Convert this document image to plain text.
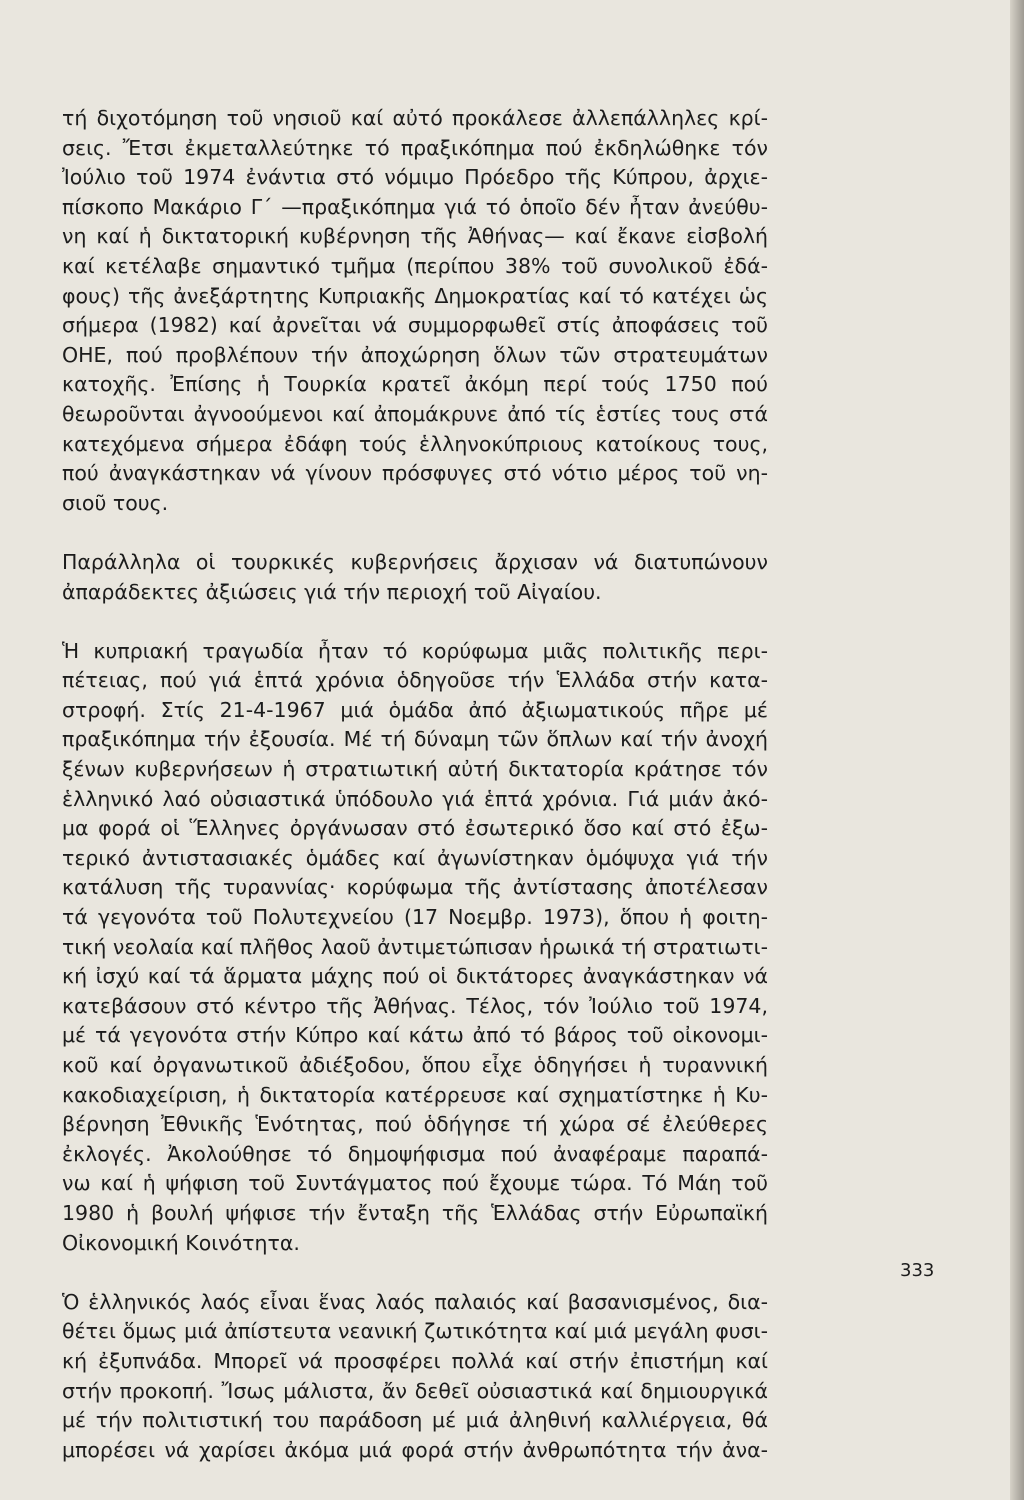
τή διχοτόμηση τοῦ νησιοῦ καί αὐτό προκάλεσε ἀλλεπάλληλες κρί-
σεις. Ἔτσι ἐκμεταλλεύτηκε τό πραξικόπημα πού ἐκδηλώθηκε τόν
Ἰούλιο τοῦ 1974 ἐνάντια στό νόμιμο Πρόεδρο τῆς Κύπρου, ἀρχιε-
πίσκοπο Μακάριο Γ΄ —πραξικόπημα γιά τό ὁποῖο δέν ἦταν ἀνεύθυ-
νη καί ἡ δικτατορική κυβέρνηση τῆς Ἀθήνας— καί ἔκανε εἰσβολή
καί κετέλαβε σημαντικό τμῆμα (περίπου 38% τοῦ συνολικοῦ ἐδά-
φους) τῆς ἀνεξάρτητης Κυπριακῆς Δημοκρατίας καί τό κατέχει ὡς
σήμερα (1982) καί ἀρνεῖται νά συμμορφωθεῖ στίς ἀποφάσεις τοῦ
ΟΗΕ, πού προβλέπουν τήν ἀποχώρηση ὅλων τῶν στρατευμάτων
κατοχῆς. Ἐπίσης ἡ Τουρκία κρατεῖ ἀκόμη περί τούς 1750 πού
θεωροῦνται ἀγνοούμενοι καί ἀπομάκρυνε ἀπό τίς ἑστίες τους στά
κατεχόμενα σήμερα ἐδάφη τούς ἑλληνοκύπριους κατοίκους τους,
πού ἀναγκάστηκαν νά γίνουν πρόσφυγες στό νότιο μέρος τοῦ νη-
σιοῦ τους.
Παράλληλα οἱ τουρκικές κυβερνήσεις ἄρχισαν νά διατυπώνουν
ἀπαράδεκτες ἀξιώσεις γιά τήν περιοχή τοῦ Αἰγαίου.
Ἡ κυπριακή τραγωδία ἦταν τό κορύφωμα μιᾶς πολιτικῆς περι-
πέτειας, πού γιά ἑπτά χρόνια ὁδηγοῦσε τήν Ἑλλάδα στήν κατα-
στροφή. Στίς 21-4-1967 μιά ὁμάδα ἀπό ἀξιωματικούς πῆρε μέ
πραξικόπημα τήν ἐξουσία. Μέ τή δύναμη τῶν ὅπλων καί τήν ἀνοχή
ξένων κυβερνήσεων ἡ στρατιωτική αὐτή δικτατορία κράτησε τόν
ἑλληνικό λαό οὐσιαστικά ὑπόδουλο γιά ἑπτά χρόνια. Γιά μιάν ἀκό-
μα φορά οἱ Ἕλληνες ὀργάνωσαν στό ἐσωτερικό ὅσο καί στό ἐξω-
τερικό ἀντιστασιακές ὁμάδες καί ἀγωνίστηκαν ὁμόψυχα γιά τήν
κατάλυση τῆς τυραννίας· κορύφωμα τῆς ἀντίστασης ἀποτέλεσαν
τά γεγονότα τοῦ Πολυτεχνείου (17 Νοεμβρ. 1973), ὅπου ἡ φοιτη-
τική νεολαία καί πλῆθος λαοῦ ἀντιμετώπισαν ἡρωικά τή στρατιωτι-
κή ἰσχύ καί τά ἅρματα μάχης πού οἱ δικτάτορες ἀναγκάστηκαν νά
κατεβάσουν στό κέντρο τῆς Ἀθήνας. Τέλος, τόν Ἰούλιο τοῦ 1974,
μέ τά γεγονότα στήν Κύπρο καί κάτω ἀπό τό βάρος τοῦ οἰκονομι-
κοῦ καί ὀργανωτικοῦ ἀδιέξοδου, ὅπου εἶχε ὁδηγήσει ἡ τυραννική
κακοδιαχείριση, ἡ δικτατορία κατέρρευσε καί σχηματίστηκε ἡ Κυ-
βέρνηση Ἐθνικῆς Ἑνότητας, πού ὁδήγησε τή χώρα σέ ἐλεύθερες
ἐκλογές. Ἀκολούθησε τό δημοψήφισμα πού ἀναφέραμε παραπά-
νω καί ἡ ψήφιση τοῦ Συντάγματος πού ἔχουμε τώρα. Τό Μάη τοῦ
1980 ἡ βουλή ψήφισε τήν ἔνταξη τῆς Ἑλλάδας στήν Εὐρωπαϊκή
Οἰκονομική Κοινότητα.
Ὁ ἑλληνικός λαός εἶναι ἕνας λαός παλαιός καί βασανισμένος, δια-
θέτει ὅμως μιά ἀπίστευτα νεανική ζωτικότητα καί μιά μεγάλη φυσι-
κή ἐξυπνάδα. Μπορεῖ νά προσφέρει πολλά καί στήν ἐπιστήμη καί
στήν προκοπή. Ἴσως μάλιστα, ἄν δεθεῖ οὐσιαστικά καί δημιουργικά
μέ τήν πολιτιστική του παράδοση μέ μιά ἀληθινή καλλιέργεια, θά
μπορέσει νά χαρίσει ἀκόμα μιά φορά στήν ἀνθρωπότητα τήν ἀνα-
333
